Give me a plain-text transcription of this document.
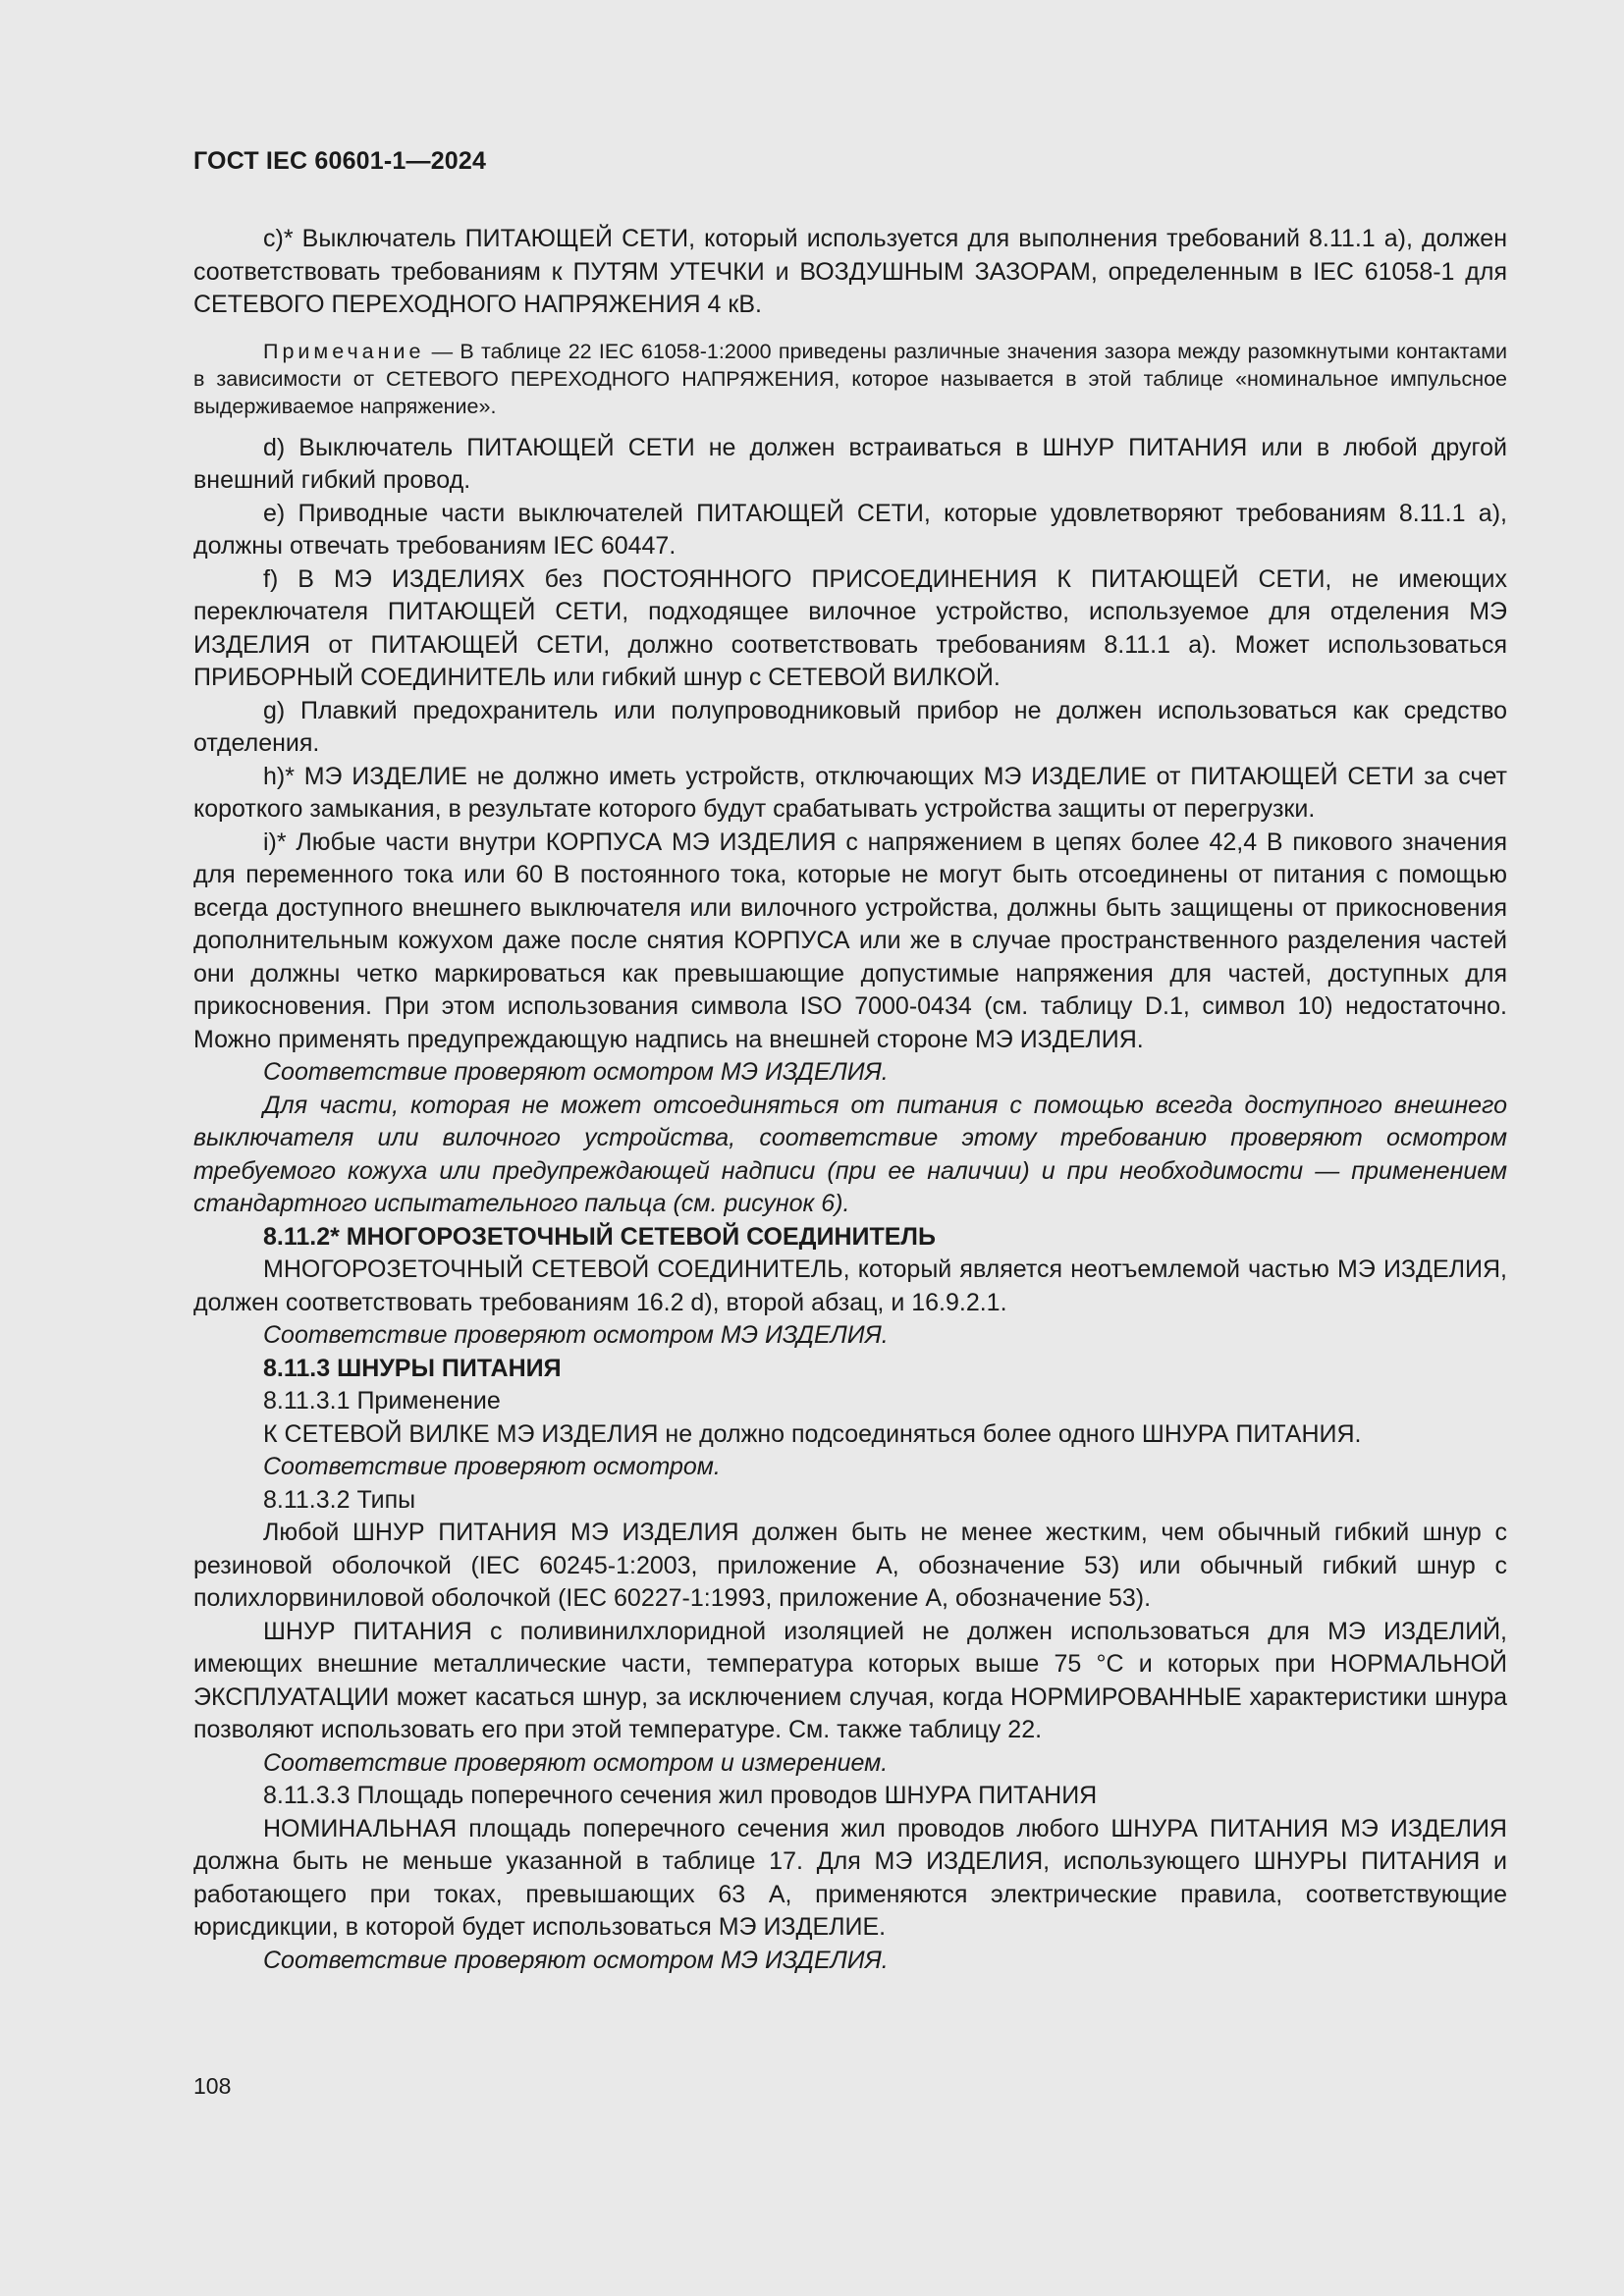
ГОСТ IEC 60601-1—2024

c)* Выключатель ПИТАЮЩЕЙ СЕТИ, который используется для выполнения требований 8.11.1 а), должен соответствовать требованиям к ПУТЯМ УТЕЧКИ и ВОЗДУШНЫМ ЗАЗОРАМ, определенным в IEC 61058-1 для СЕТЕВОГО ПЕРЕХОДНОГО НАПРЯЖЕНИЯ 4 кВ.

Примечание — В таблице 22 IEC 61058-1:2000 приведены различные значения зазора между разомкнутыми контактами в зависимости от СЕТЕВОГО ПЕРЕХОДНОГО НАПРЯЖЕНИЯ, которое называется в этой таблице «номинальное импульсное выдерживаемое напряжение».

d) Выключатель ПИТАЮЩЕЙ СЕТИ не должен встраиваться в ШНУР ПИТАНИЯ или в любой другой внешний гибкий провод.

e) Приводные части выключателей ПИТАЮЩЕЙ СЕТИ, которые удовлетворяют требованиям 8.11.1 а), должны отвечать требованиям IEC 60447.

f) В МЭ ИЗДЕЛИЯХ без ПОСТОЯННОГО ПРИСОЕДИНЕНИЯ К ПИТАЮЩЕЙ СЕТИ, не имеющих переключателя ПИТАЮЩЕЙ СЕТИ, подходящее вилочное устройство, используемое для отделения МЭ ИЗДЕЛИЯ от ПИТАЮЩЕЙ СЕТИ, должно соответствовать требованиям 8.11.1 а). Может использоваться ПРИБОРНЫЙ СОЕДИНИТЕЛЬ или гибкий шнур с СЕТЕВОЙ ВИЛКОЙ.

g) Плавкий предохранитель или полупроводниковый прибор не должен использоваться как средство отделения.

h)* МЭ ИЗДЕЛИЕ не должно иметь устройств, отключающих МЭ ИЗДЕЛИЕ от ПИТАЮЩЕЙ СЕТИ за счет короткого замыкания, в результате которого будут срабатывать устройства защиты от перегрузки.

i)* Любые части внутри КОРПУСА МЭ ИЗДЕЛИЯ с напряжением в цепях более 42,4 В пикового значения для переменного тока или 60 В постоянного тока, которые не могут быть отсоединены от питания с помощью всегда доступного внешнего выключателя или вилочного устройства, должны быть защищены от прикосновения дополнительным кожухом даже после снятия КОРПУСА или же в случае пространственного разделения частей они должны четко маркироваться как превышающие допустимые напряжения для частей, доступных для прикосновения. При этом использования символа ISO 7000-0434 (см. таблицу D.1, символ 10) недостаточно. Можно применять предупреждающую надпись на внешней стороне МЭ ИЗДЕЛИЯ.

Соответствие проверяют осмотром МЭ ИЗДЕЛИЯ.

Для части, которая не может отсоединяться от питания с помощью всегда доступного внешнего выключателя или вилочного устройства, соответствие этому требованию проверяют осмотром требуемого кожуха или предупреждающей надписи (при ее наличии) и при необходимости — применением стандартного испытательного пальца (см. рисунок 6).

8.11.2* МНОГОРОЗЕТОЧНЫЙ СЕТЕВОЙ СОЕДИНИТЕЛЬ

МНОГОРОЗЕТОЧНЫЙ СЕТЕВОЙ СОЕДИНИТЕЛЬ, который является неотъемлемой частью МЭ ИЗДЕЛИЯ, должен соответствовать требованиям 16.2 d), второй абзац, и 16.9.2.1.

Соответствие проверяют осмотром МЭ ИЗДЕЛИЯ.

8.11.3 ШНУРЫ ПИТАНИЯ

8.11.3.1 Применение

К СЕТЕВОЙ ВИЛКЕ МЭ ИЗДЕЛИЯ не должно подсоединяться более одного ШНУРА ПИТАНИЯ.

Соответствие проверяют осмотром.

8.11.3.2 Типы

Любой ШНУР ПИТАНИЯ МЭ ИЗДЕЛИЯ должен быть не менее жестким, чем обычный гибкий шнур с резиновой оболочкой (IEC 60245-1:2003, приложение А, обозначение 53) или обычный гибкий шнур с полихлорвиниловой оболочкой (IEC 60227-1:1993, приложение А, обозначение 53).

ШНУР ПИТАНИЯ с поливинилхлоридной изоляцией не должен использоваться для МЭ ИЗДЕЛИЙ, имеющих внешние металлические части, температура которых выше 75 °С и которых при НОРМАЛЬНОЙ ЭКСПЛУАТАЦИИ может касаться шнур, за исключением случая, когда НОРМИРОВАННЫЕ характеристики шнура позволяют использовать его при этой температуре. См. также таблицу 22.

Соответствие проверяют осмотром и измерением.

8.11.3.3 Площадь поперечного сечения жил проводов ШНУРА ПИТАНИЯ

НОМИНАЛЬНАЯ площадь поперечного сечения жил проводов любого ШНУРА ПИТАНИЯ МЭ ИЗДЕЛИЯ должна быть не меньше указанной в таблице 17. Для МЭ ИЗДЕЛИЯ, использующего ШНУРЫ ПИТАНИЯ и работающего при токах, превышающих 63 А, применяются электрические правила, соответствующие юрисдикции, в которой будет использоваться МЭ ИЗДЕЛИЕ.

Соответствие проверяют осмотром МЭ ИЗДЕЛИЯ.

108
